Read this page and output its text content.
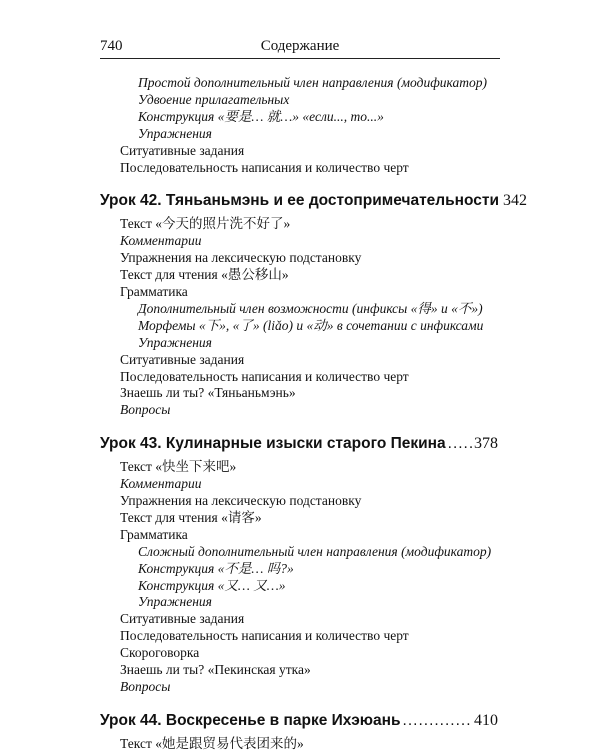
740	Содержание
Простой дополнительный член направления (модификатор)
Удвоение прилагательных
Конструкция «要是… 就…» «если..., то...»
Упражнения
Ситуативные задания
Последовательность написания и количество черт
Урок 42. Тяньаньмэнь и ее достопримечательности 342
Текст «今天的照片洗不好了»
Комментарии
Упражнения на лексическую подстановку
Текст для чтения «愚公移山»
Грамматика
Дополнительный член возможности (инфиксы «得» и «不»)
Морфемы «下», «了» (liǎo) и «动» в сочетании с инфиксами
Упражнения
Ситуативные задания
Последовательность написания и количество черт
Знаешь ли ты? «Тяньаньмэнь»
Вопросы
Урок 43. Кулинарные изыски старого Пекина ..... 378
Текст «快坐下来吧»
Комментарии
Упражнения на лексическую подстановку
Текст для чтения «请客»
Грамматика
Сложный дополнительный член направления (модификатор)
Конструкция «不是… 吗?»
Конструкция «又… 又…»
Упражнения
Ситуативные задания
Последовательность написания и количество черт
Скороговорка
Знаешь ли ты? «Пекинская утка»
Вопросы
Урок 44. Воскресенье в парке Ихэюань .....	410
Текст «她是跟贸易代表团来的»
